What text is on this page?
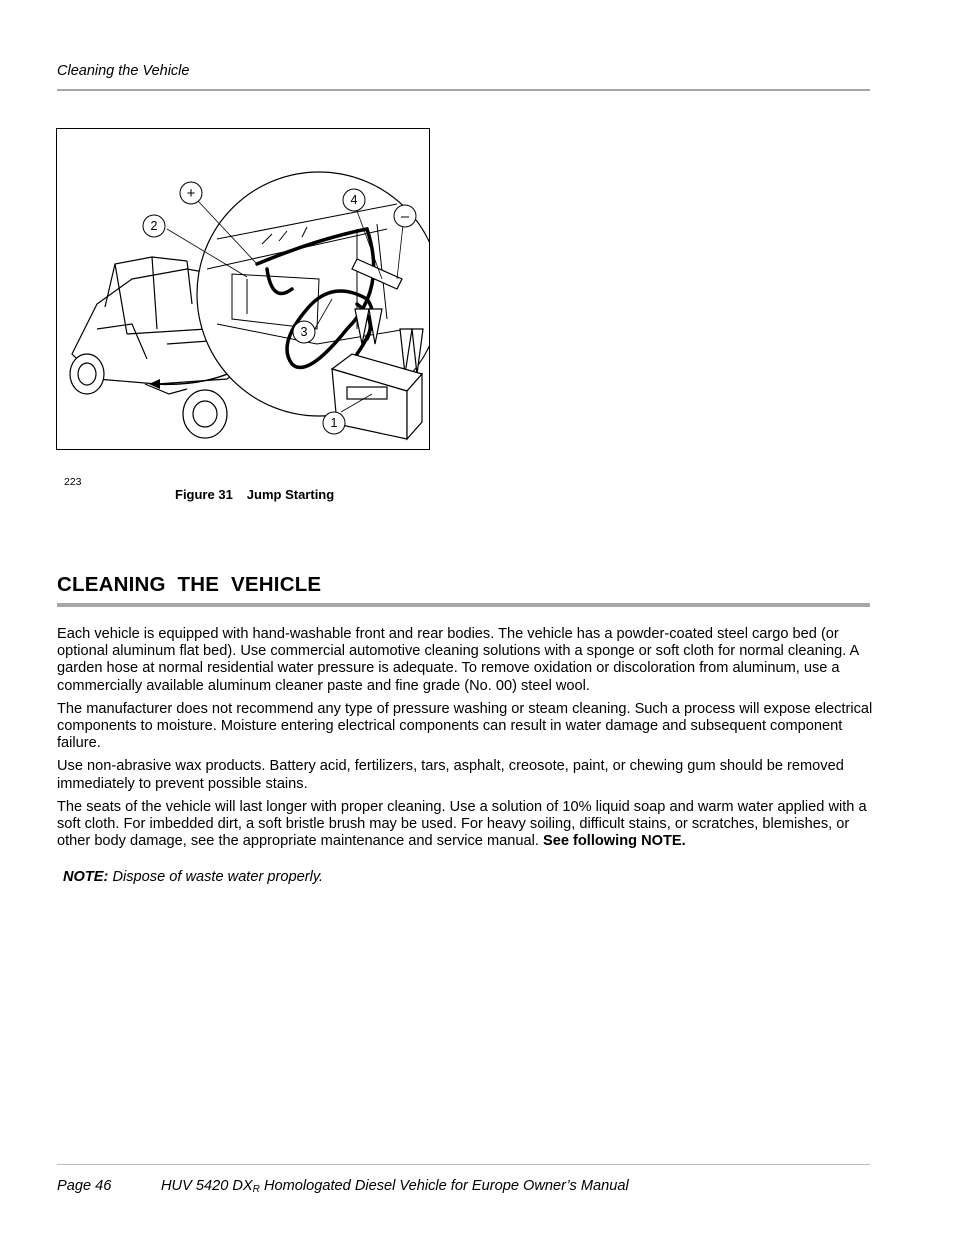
Cleaning the Vehicle
+
2
4
–
3
1
223
Figure 31 Jump Starting
CLEANING THE VEHICLE

Each vehicle is equipped with hand-washable front and rear bodies. The vehicle has a powder-coated steel cargo bed (or optional aluminum flat bed). Use commercial automotive cleaning solutions with a sponge or soft cloth for normal cleaning. A garden hose at normal residential water pressure is adequate. To remove oxidation or discoloration from aluminum, use a commercially available aluminum cleaner paste and fine grade (No. 00) steel wool.

The manufacturer does not recommend any type of pressure washing or steam cleaning. Such a process will expose electrical components to moisture. Moisture entering electrical components can result in water damage and subsequent component failure.

Use non-abrasive wax products. Battery acid, fertilizers, tars, asphalt, creosote, paint, or chewing gum should be removed immediately to prevent possible stains.

The seats of the vehicle will last longer with proper cleaning. Use a solution of 10% liquid soap and warm water applied with a soft cloth. For imbedded dirt, a soft bristle brush may be used. For heavy soiling, difficult stains, or scratches, blemishes, or other body damage, see the appropriate maintenance and service manual. See following NOTE.

NOTE: Dispose of waste water properly.
Page 46	HUV 5420 $DX_R$ Homologated Diesel Vehicle for Europe Owner’s Manual
